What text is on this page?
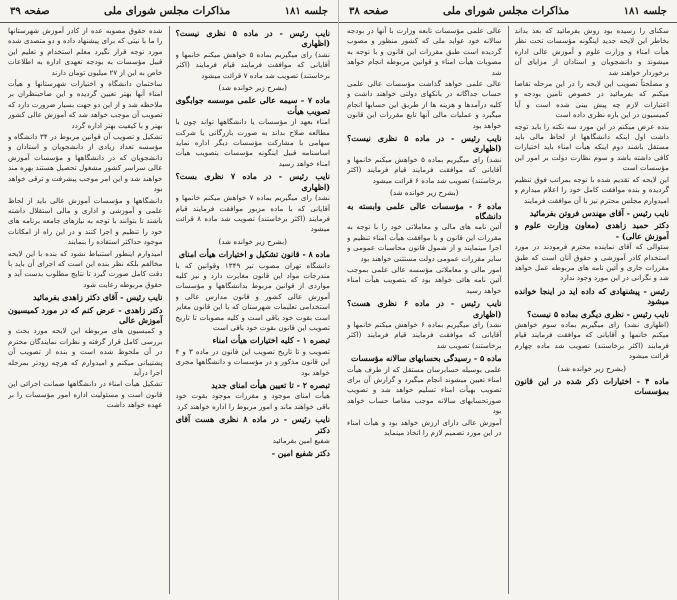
جلسه ۱۸۱
مذاکرات مجلس شورای ملی
صفحه ۳۹
نایب رئیس - در ماده ۵ نظری نیست؟ (اظهاری

نشد) رای میگیریم بماده ۵ خواهش میکنم خانمها و آقایانی که موافقت فرمایند قیام فرمایند (اکثر برخاستند) تصویب شد ماده ۷ قرائت میشود

(بشرح زیر خوانده شد)
ماده ۷ - سیمه عالی علمی موسسه جوابگوی تصویب هیأت

امناء بعهد از مؤسسات یا دانشگاهها تواند چون با مطالعه صلاح بداند به صورت بازرگانی یا شرکت سهامی با مشارکت مؤسسات دیگر اداره نماید اساسنامه قبیل اینگونه مؤسسات بتصویب هیأت امناء خواهد رسید

نایب رئیس - در ماده ۷ نظری بست؟ (اظهاری

نشد) رای میگیریم بماده ۷ خواهش میکنم خانمها و آقایانی که با ماده مزبور موافقت فرمایند قیام فرمایند (اکثر برخاستند) تصویب شد ماده ۸ قرائت میشود

(بشرح زیر خوانده شد)
ماده ۸ - قانون تشکیل و اختیارات هیأت امنای

دانشگاه تهران مصوب تیر ۱۳۴۹ وقوانین که با مندرجات مواد این قانون مغایرت دارد و نیز کلیه مواردی از قوانین مربوط بدانشگاهها و مؤسسات آموزش عالی کشور و قانون مدارس عالی و استخدامی تعلیمات شهرستان که با این قانون مغایر است بقوت خود باقی است و کلیه مصوبات تا تاریخ تصویب این قانون بقوت خود باقی است

تبصره ۱ - کلیه اختیارات هیأت امناء

تصویب و تا تاریخ تصویب این قانون در ماده ۳ و ۴ این قانون مذکور و در مؤسسات و دانشگاهها مجری خواهد بود

تبصره ۲ - تا تعیین هیأت امنای جدید

هیأت امنای موجود و مقررات موجود بقوت خود باقی خواهند ماند و امور مربوط را اداره خواهند کرد

نایب رئیس - در ماده ۸ نظری هست آقای دکتر

شفیع امین بفرمائید

دکتر شفیع امین -

شده حقوق مصوبه عده از کادر آموزش شهرستانها را ما با نیتی که برای پیشنهاد داده و دو متصدی شده مورد توجه قرار نگیرد معلم استخدام و تعلیم این قبیل مؤسسات به بودجه تعهدی اداره به اطلاعات خاص به این از ۲۷ میلیون تومان دارند

ساختمان دانشگاه و اختیارات شهرستانها و هیأت امناء آنها بهتر تعیین گردیده و این صاحبنظران بر ملاحظه شد و از این دو جهت بسیار ضرورت دارد که تصویب آن موجب خواهد شد که آموزش عالی کشور بهتر و با کیفیت بهتر اداره گردد

تشکیل و تصویب آن قوانین مربوط در ۳۴ دانشگاه و مؤسسه تعداد زیادی از دانشجویان و استادان و دانشجویان که در دانشگاهها و مؤسسات آموزش عالی سراسر کشور مشغول تحصیل هستند بهره مند خواهند شد و این امر موجب پیشرفت و ترقی خواهد بود

دانشگاهها و مؤسسات آموزش عالی باید از لحاظ علمی و آموزشی و اداری و مالی استقلال داشته باشند تا بتوانند با توجه به نیازهای جامعه برنامه های خود را تنظیم و اجرا کنند و در این راه از امکانات موجود حداکثر استفاده را بنمایند

امیدوارم اینطور استنباط نشود که بنده با این لایحه مخالفم بلکه نظر بنده این است که اجرای آن باید با دقت کامل صورت گیرد تا نتایج مطلوب بدست آید و حقوق مربوطه رعایت شود

نایب رئیس - آقای دکتر زاهدی بفرمائید
دکتر زاهدی - عرض کنم که در مورد کمیسیون آموزش عالی

و کمیسیون های مربوطه این لایحه مورد بحث و بررسی کامل قرار گرفته و نظرات نمایندگان محترم در آن ملحوظ شده است و بنده از تصویب آن پشتیبانی میکنم و امیدوارم که هرچه زودتر بمرحله اجرا درآید

تشکیل هیأت امناء در دانشگاهها ضمانت اجرائی این قانون است و مسئولیت اداره امور مؤسسات را بر عهده خواهد داشت

جلسه ۱۸۱
مذاکرات مجلس شورای ملی
صفحه ۳۸

سکنای را رسیده بود روش بفرمائید که بعد بداند بخاطر این لایحه جدید اینگونه مؤسسات تحت نظر هیأت امناء و وزارت علوم و آموزش عالی اداره میشوند و دانشجویان و استادان از مزایای آن برخوردار خواهند شد

و مصلحتاً تصویب این لایحه را در این مرحله تقاضا میکنم که بفرمائید در خصوص تامین بودجه و اعتبارات لازم چه پیش بینی شده است و آیا کمیسیون در این باره نظری داده است

بنده عرض میکنم در این مورد سه نکته را باید توجه داشت اول اینکه دانشگاهها از لحاظ مالی باید مستقل باشند دوم اینکه هیأت امناء باید اختیارات کافی داشته باشد و سوم نظارت دولت بر امور این مؤسسات است

این لایحه که تقدیم شده با توجه بمراتب فوق تنظیم گردیده و بنده موافقت کامل خود را اعلام میدارم و امیدوارم مجلس محترم نیز با آن موافقت فرمایند

نایب رئیس - آقای مهندس فروتن بفرمائید
دکتر حمید زاهدی (معاون وزارت علوم و آموزش عالی) -

سئوالی که آقای نماینده محترم فرمودند در مورد استخدام کادر آموزشی و حقوق آنان است که طبق مقررات جاری و آئین نامه های مربوطه عمل خواهد شد و نگرانی در این مورد وجود ندارد

رئیس - پیشنهادی که داده اید در اینجا خوانده میشود
نایب رئیس - نظری دیگری بماده ۵ نیست؟

(اظهاری نشد) رای میگیریم بماده سوم خواهش میکنم خانمها و آقایانی که موافقت فرمایند قیام فرمایند (اکثر برخاستند) تصویب شد ماده چهارم قرائت میشود

(بشرح زیر خوانده شد)
ماده ۴ - اختیارات ذکر شده در این قانون بمؤسسات

عالی علمی مؤسسات تابعه وزارت با آنها در بودجه سالانه خود عواید ملی که کشور منظور و مصوب گردیده است طبق مقررات این قانون و با توجه به مصوبات هیأت امناء و قوانین مربوطه انجام خواهد شد

عالی علمی خواهد گذاشت مؤسسات عالی علمی حساب جداگانه در بانکهای دولتی خواهند داشت و کلیه درآمدها و هزینه ها از طریق این حسابها انجام میگیرد و عملیات مالی آنها تابع مقررات این قانون خواهد بود

نایب رئیس - در ماده ۵ نظری نیست؟ (اظهاری

نشد) رای میگیریم بماده ۵ خواهش میکنم خانمها و آقایانی که موافقت فرمایند قیام فرمایند (اکثر برخاستند) تصویب شد ماده ۶ قرائت میشود

(بشرح زیر خوانده شد)
ماده ۶ - مؤسسات عالی علمی وابسته به دانشگاه

آئین نامه های مالی و معاملاتی خود را با توجه به مقررات این قانون و با موافقت هیأت امناء تنظیم و اجرا مینمایند و از شمول قانون محاسبات عمومی و سایر مقررات عمومی دولت مستثنی خواهند بود

امور مالی و معاملاتی مؤسسه عالی علمی بموجب آئین نامه هائی خواهد بود که بتصویب هیأت امناء خواهد رسید

نایب رئیس - در ماده ۶ نظری هست؟ (اظهاری

نشد) رای میگیریم بماده ۶ خواهش میکنم خانمها و آقایانی که موافقت فرمایند قیام فرمایند (اکثر برخاستند) تصویب شد

ماده ۵ - رسیدگی بحسابهای سالانه مؤسسات

علمی بوسیله حسابرسان مستقل که از طرف هیأت امناء تعیین میشوند انجام میگیرد و گزارش آن برای تصویب بهیأت امناء تسلیم خواهد شد و تصویب صورتحسابهای سالانه موجب مفاصا حساب خواهد بود

آموزش عالی دارای ارزش خواهد بود و هیأت امناء در این مورد تصمیم لازم را اتخاذ مینماید
